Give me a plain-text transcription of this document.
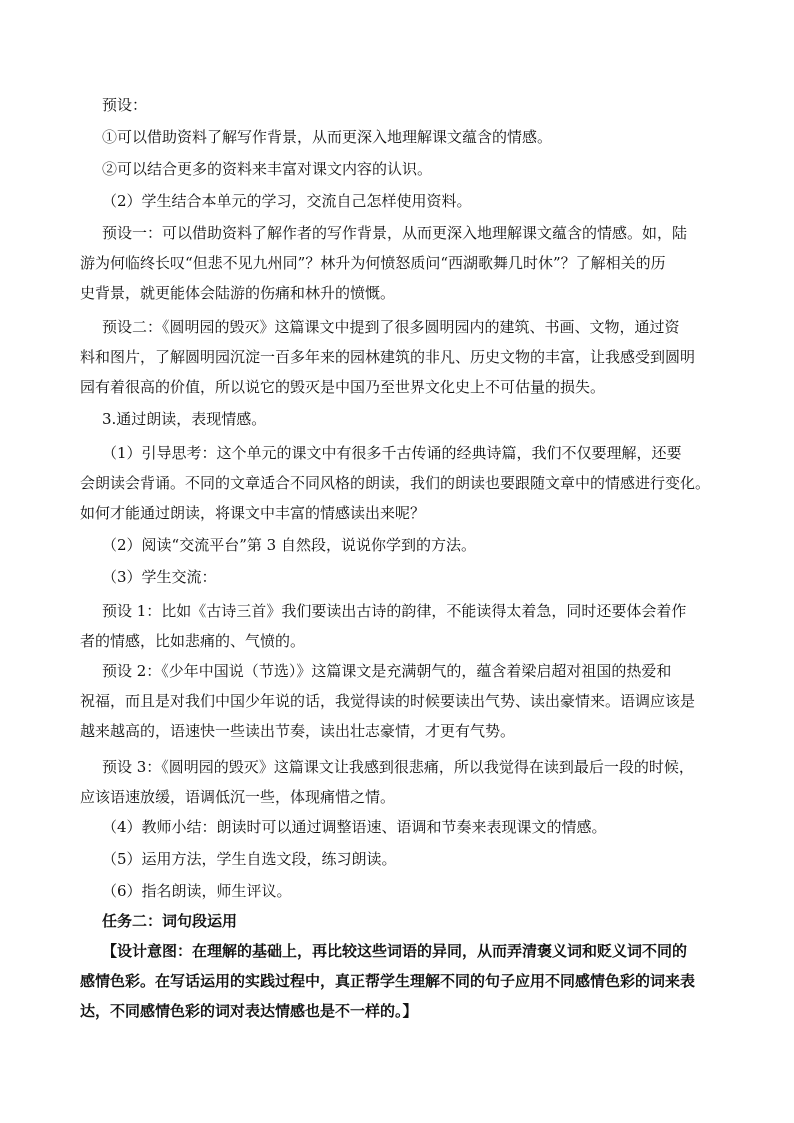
预设：

①可以借助资料了解写作背景，从而更深入地理解课文蕴含的情感。

②可以结合更多的资料来丰富对课文内容的认识。

（2）学生结合本单元的学习，交流自己怎样使用资料。

预设一：可以借助资料了解作者的写作背景，从而更深入地理解课文蕴含的情感。如，陆
游为何临终长叹“但悲不见九州同”？林升为何愤怒质问“西湖歌舞几时休”？了解相关的历
史背景，就更能体会陆游的伤痛和林升的愤慨。

预设二：《圆明园的毁灭》这篇课文中提到了很多圆明园内的建筑、书画、文物，通过资
料和图片，了解圆明园沉淀一百多年来的园林建筑的非凡、历史文物的丰富，让我感受到圆明
园有着很高的价值，所以说它的毁灭是中国乃至世界文化史上不可估量的损失。

3.通过朗读，表现情感。

（1）引导思考：这个单元的课文中有很多千古传诵的经典诗篇，我们不仅要理解，还要
会朗读会背诵。不同的文章适合不同风格的朗读，我们的朗读也要跟随文章中的情感进行变化。
如何才能通过朗读，将课文中丰富的情感读出来呢？

（2）阅读“交流平台”第 3 自然段，说说你学到的方法。

（3）学生交流：

预设 1：比如《古诗三首》我们要读出古诗的韵律，不能读得太着急，同时还要体会着作
者的情感，比如悲痛的、气愤的。

预设 2：《少年中国说（节选）》这篇课文是充满朝气的，蕴含着梁启超对祖国的热爱和
祝福，而且是对我们中国少年说的话，我觉得读的时候要读出气势、读出豪情来。语调应该是
越来越高的，语速快一些读出节奏，读出壮志豪情，才更有气势。

预设 3：《圆明园的毁灭》这篇课文让我感到很悲痛，所以我觉得在读到最后一段的时候，
应该语速放缓，语调低沉一些，体现痛惜之情。

（4）教师小结：朗读时可以通过调整语速、语调和节奏来表现课文的情感。

（5）运用方法，学生自选文段，练习朗读。

（6）指名朗读，师生评议。

任务二：词句段运用

【设计意图：在理解的基础上，再比较这些词语的异同，从而弄清褒义词和贬义词不同的
感情色彩。在写话运用的实践过程中，真正帮学生理解不同的句子应用不同感情色彩的词来表
达，不同感情色彩的词对表达情感也是不一样的。】
